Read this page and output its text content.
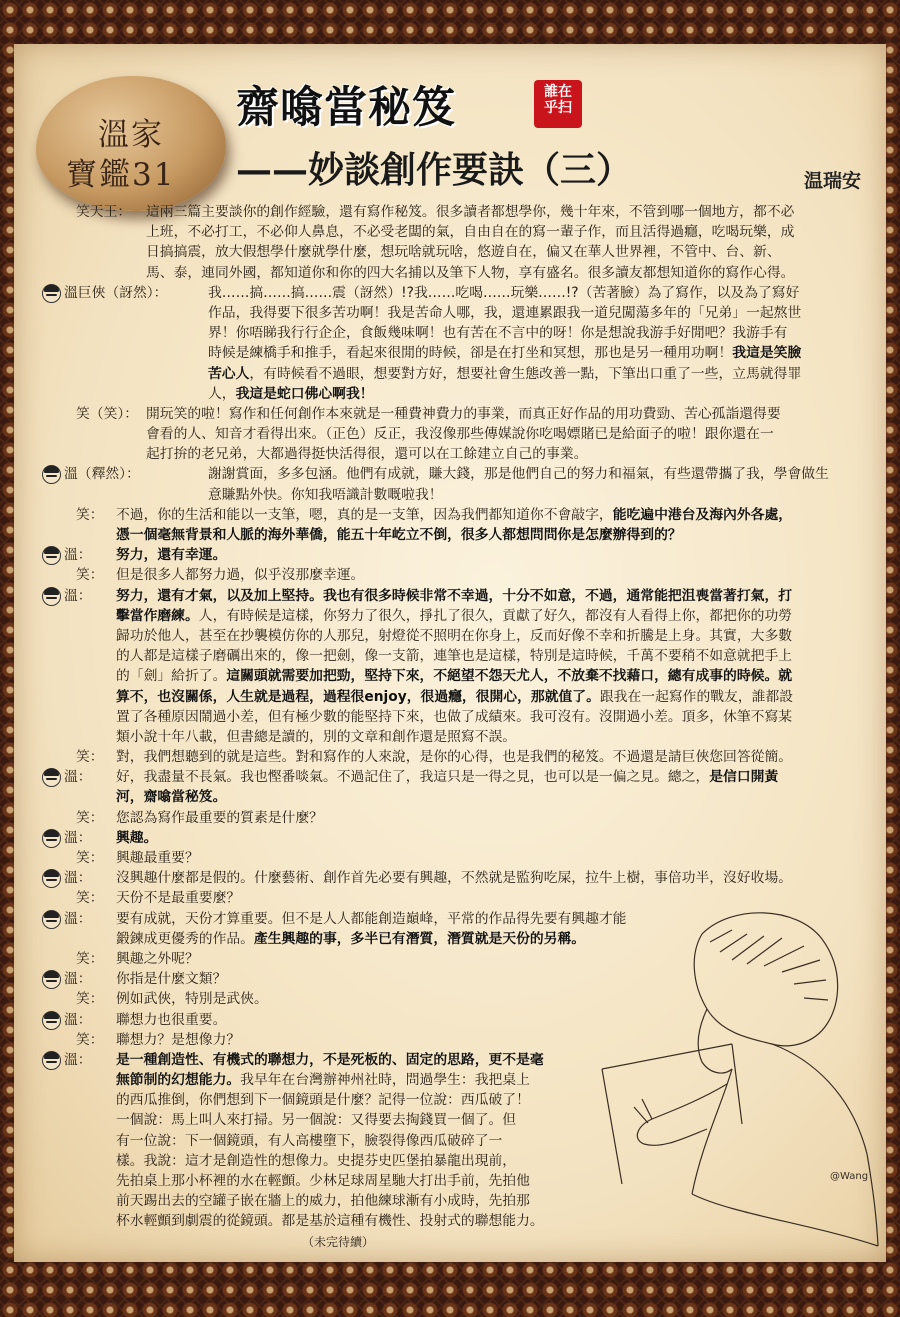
溫家
寶鑑31
齋噏當秘笈	誰在
乎扫
——妙談創作要訣（三）	温瑞安
笑天王： 這兩三篇主要談你的創作經驗，還有寫作秘笈。很多讀者都想學你，幾十年來，不管到哪一個地方，都不必
上班，不必打工，不必仰人鼻息，不必受老闆的氣，自由自在的寫一輩子作，而且活得過癮，吃喝玩樂，成
日搞搞震，放大假想學什麼就學什麼，想玩啥就玩啥，悠遊自在，偏又在華人世界裡，不管中、台、新、
馬、泰，連同外國，都知道你和你的四大名捕以及筆下人物，享有盛名。很多讀友都想知道你的寫作心得。
溫巨俠（訝然）：	我……搞……搞……震（訝然）!?我……吃喝……玩樂……!?（苦著臉）為了寫作，以及為了寫好
作品，我得要下很多苦功啊！我是苦命人哪，我，還連累跟我一道兒闖蕩多年的「兄弟」一起熬世
界！你唔睇我行行企企，食飯幾味啊！也有苦在不言中的呀！你是想說我游手好閒吧？我游手有
時候是練橋手和推手，看起來很閒的時候，卻是在打坐和冥想，那也是另一種用功啊！我這是笑臉
苦心人，有時候看不過眼，想要對方好，想要社會生態改善一點，下筆出口重了一些，立馬就得罪
人，我這是蛇口佛心啊我！
笑（笑）： 開玩笑的啦！寫作和任何創作本來就是一種費神費力的事業，而真正好作品的用功費勁、苦心孤詣還得要
會看的人、知音才看得出來。（正色）反正，我沒像那些傳媒說你吃喝嫖賭已是給面子的啦！跟你還在一
起打拚的老兄弟，大都過得挺快活得很，還可以在工餘建立自己的事業。
溫（釋然）：	謝謝賞面，多多包涵。他們有成就，賺大錢，那是他們自己的努力和福氣，有些還帶攜了我，學會做生
意賺點外快。你知我唔識計數嘅啦我！
笑： 不過，你的生活和能以一支筆，嗯，真的是一支筆，因為我們都知道你不會敲字，能吃遍中港台及海內外各處，
憑一個毫無背景和人脈的海外華僑，能五十年屹立不倒，很多人都想問問你是怎麼辦得到的？
溫： 努力，還有幸運。
笑： 但是很多人都努力過，似乎沒那麼幸運。
溫： 努力，還有才氣，以及加上堅持。我也有很多時候非常不幸過，十分不如意，不過，通常能把沮喪當著打氣，打
擊當作磨練。人，有時候是這樣，你努力了很久，掙扎了很久，貢獻了好久，都沒有人看得上你，都把你的功勞
歸功於他人，甚至在抄襲模仿你的人那兒，射燈從不照明在你身上，反而好像不幸和折騰是上身。其實，大多數
的人都是這樣子磨礪出來的，像一把劍，像一支箭，連筆也是這樣，特別是這時候，千萬不要稍不如意就把手上
的「劍」給折了。這關頭就需要加把勁，堅持下來，不絕望不怨天尤人，不放棄不找藉口，總有成事的時候。就
算不，也沒關係，人生就是過程，過程很enjoy，很過癮，很開心，那就值了。跟我在一起寫作的戰友，誰都設
置了各種原因鬧過小差，但有極少數的能堅持下來，也做了成績來。我可沒有。沒開過小差。頂多，休筆不寫某
類小說十年八載，但書總是讀的，別的文章和創作還是照寫不誤。
笑： 對，我們想聽到的就是這些。對和寫作的人來說，是你的心得，也是我們的秘笈。不過還是請巨俠您回答從簡。
溫： 好，我盡量不長氣。我也慳番啖氣。不過記住了，我這只是一得之見，也可以是一偏之見。總之，是信口開黃
河，齋噏當秘笈。
笑： 您認為寫作最重要的質素是什麼？
溫： 興趣。
笑： 興趣最重要？
溫： 沒興趣什麼都是假的。什麼藝術、創作首先必要有興趣，不然就是監狗吃屎，拉牛上樹，事倍功半，沒好收場。
笑： 天份不是最重要麼？
溫： 要有成就，天份才算重要。但不是人人都能創造巔峰，平常的作品得先要有興趣才能
鍛鍊成更優秀的作品。產生興趣的事，多半已有潛質，潛質就是天份的另稱。
笑： 興趣之外呢？
溫： 你指是什麼文類？
笑： 例如武俠，特別是武俠。
溫： 聯想力也很重要。
笑： 聯想力？是想像力？
溫： 是一種創造性、有機式的聯想力，不是死板的、固定的思路，更不是毫
無節制的幻想能力。我早年在台灣辦神州社時，問過學生：我把桌上
的西瓜推倒，你們想到下一個鏡頭是什麼？記得一位說：西瓜破了！
一個說：馬上叫人來打掃。另一個說：又得要去掏錢買一個了。但
有一位說：下一個鏡頭，有人高樓墮下，臉裂得像西瓜破碎了一
樣。我說：這才是創造性的想像力。史提芬史匹堡拍暴龍出現前，
先拍桌上那小杯裡的水在輕顫。少林足球周星馳大打出手前，先拍他
前天踢出去的空罐子嵌在牆上的威力，拍他練球漸有小成時，先拍那
杯水輕顫到劇震的從鏡頭。都是基於這種有機性、投射式的聯想能力。
（未完待續）
@Wang
